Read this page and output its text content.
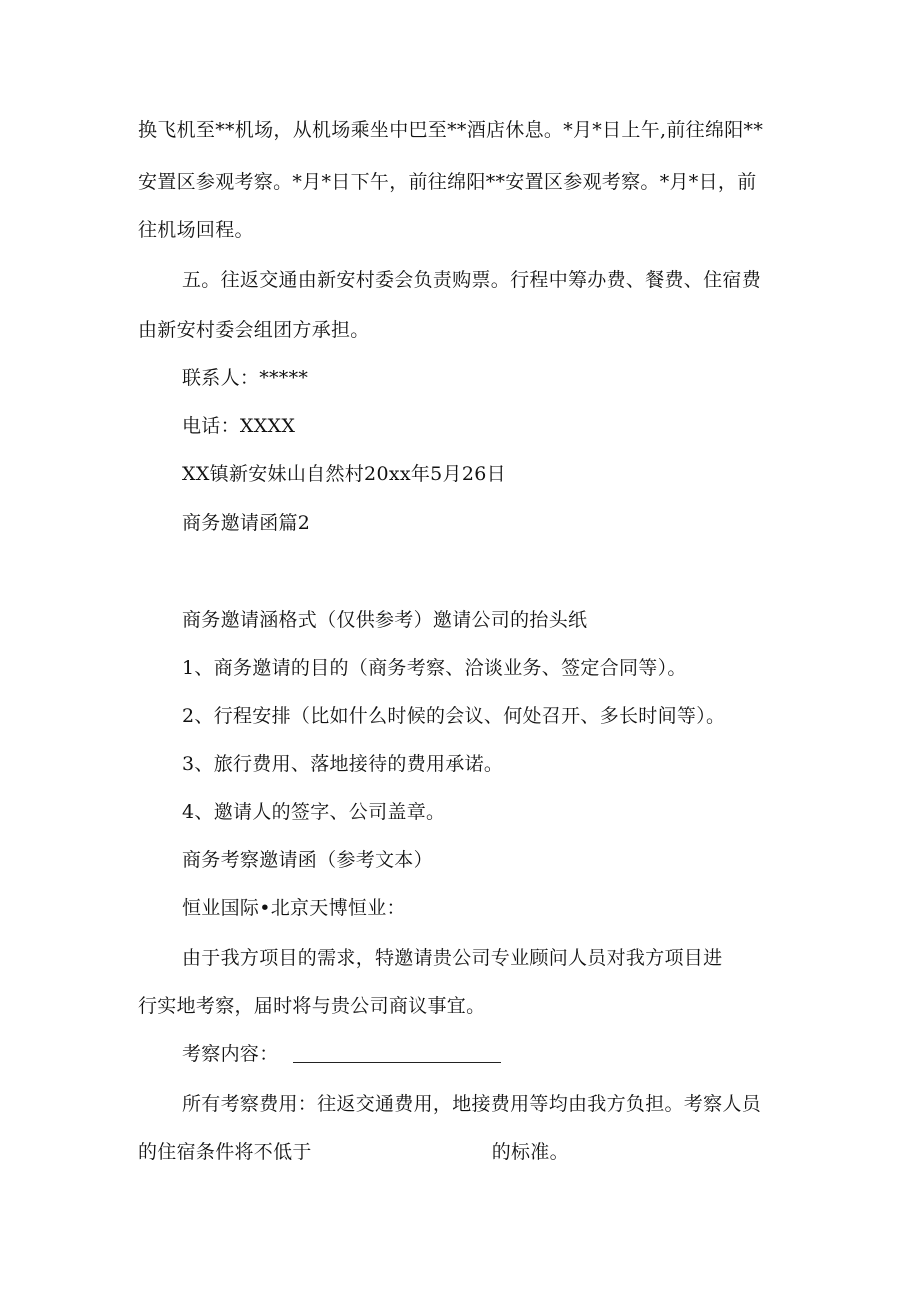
换飞机至**机场，从机场乘坐中巴至**酒店休息。*月*日上午,前往绵阳**
安置区参观考察。*月*日下午，前往绵阳**安置区参观考察。*月*日，前
往机场回程。
五。往返交通由新安村委会负责购票。行程中筹办费、餐费、住宿费
由新安村委会组团方承担。
联系人：*****
电话：XXXX
XX镇新安妹山自然村20xx年5月26日
商务邀请函篇2
商务邀请涵格式（仅供参考）邀请公司的抬头纸
1、商务邀请的目的（商务考察、洽谈业务、签定合同等）。
2、行程安排（比如什么时候的会议、何处召开、多长时间等）。
3、旅行费用、落地接待的费用承诺。
4、邀请人的签字、公司盖章。
商务考察邀请函（参考文本）
恒业国际•北京天博恒业：
由于我方项目的需求，特邀请贵公司专业顾问人员对我方项目进
行实地考察，届时将与贵公司商议事宜。
考察内容：
所有考察费用：往返交通费用，地接费用等均由我方负担。考察人员
的住宿条件将不低于	的标准。
